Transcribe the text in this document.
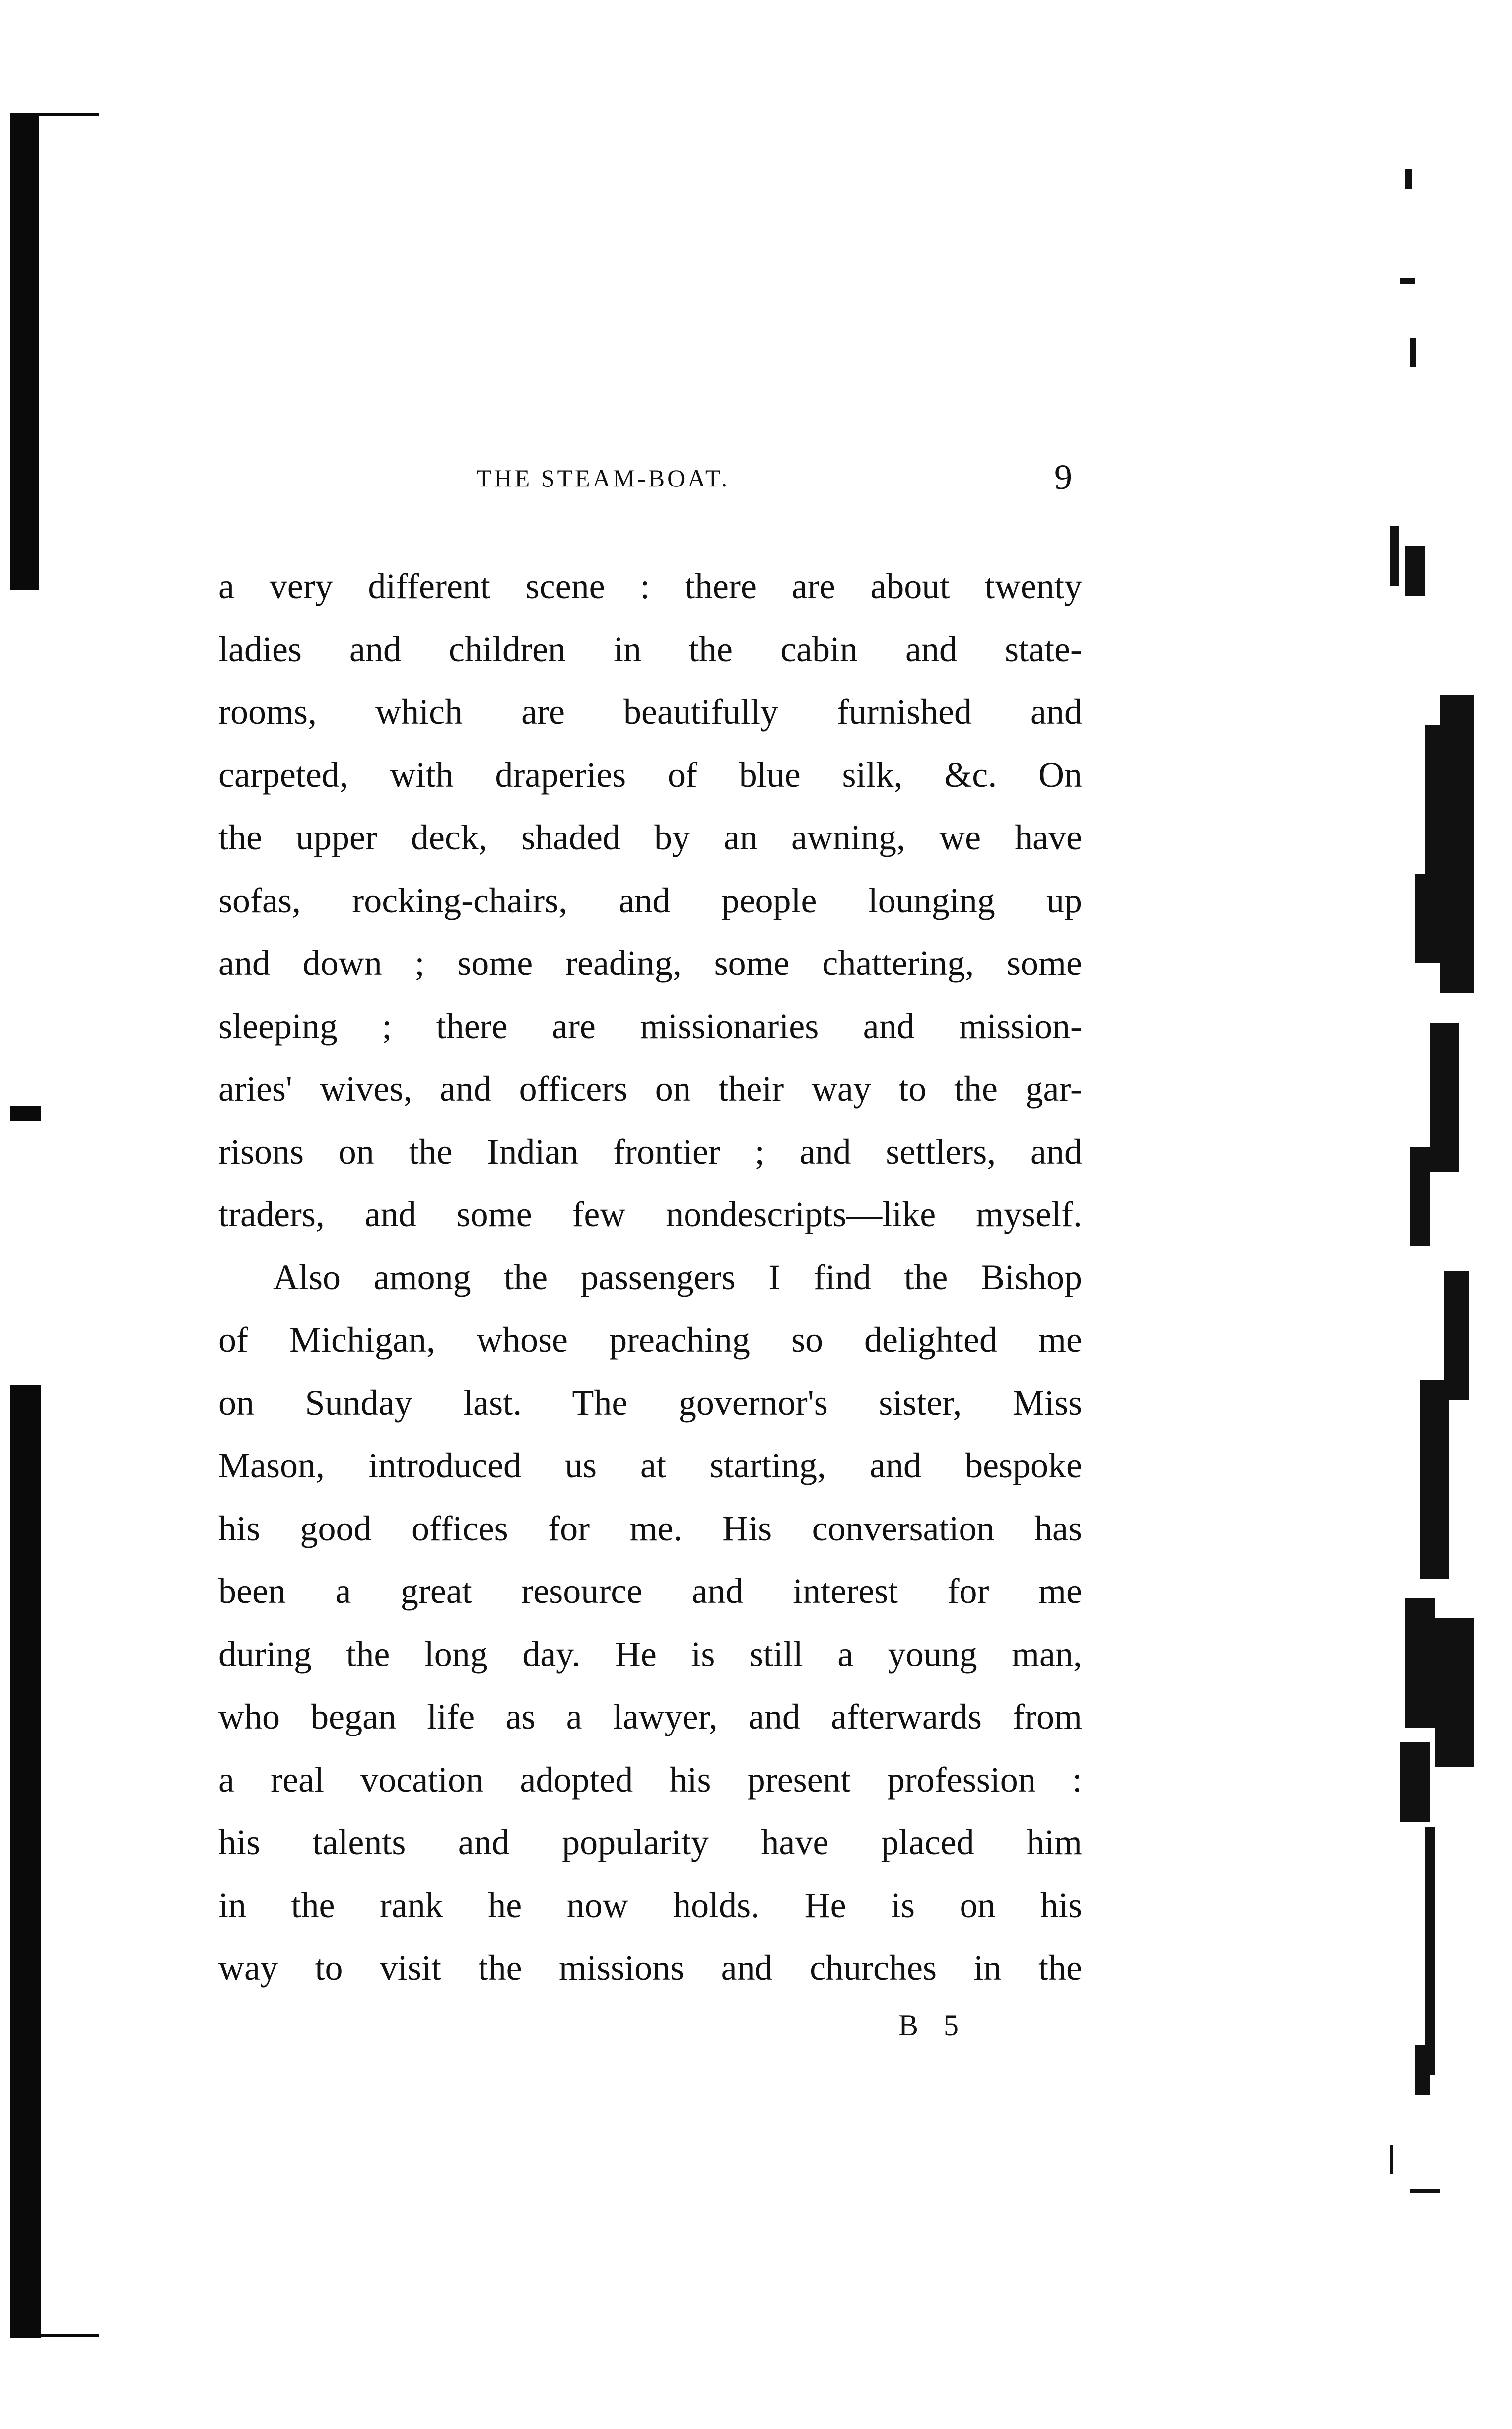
THE STEAM-BOAT.	9
a very different scene : there are about twenty
ladies and children in the cabin and state-
rooms, which are beautifully furnished and
carpeted, with draperies of blue silk, &c. On
the upper deck, shaded by an awning, we have
sofas, rocking-chairs, and people lounging up
and down ; some reading, some chattering, some
sleeping ; there are missionaries and mission-
aries' wives, and officers on their way to the gar-
risons on the Indian frontier ; and settlers, and
traders, and some few nondescripts—like myself.
Also among the passengers I find the Bishop
of Michigan, whose preaching so delighted me
on Sunday last. The governor's sister, Miss
Mason, introduced us at starting, and bespoke
his good offices for me. His conversation has
been a great resource and interest for me
during the long day. He is still a young man,
who began life as a lawyer, and afterwards from
a real vocation adopted his present profession :
his talents and popularity have placed him
in the rank he now holds. He is on his
way to visit the missions and churches in the
B 5
